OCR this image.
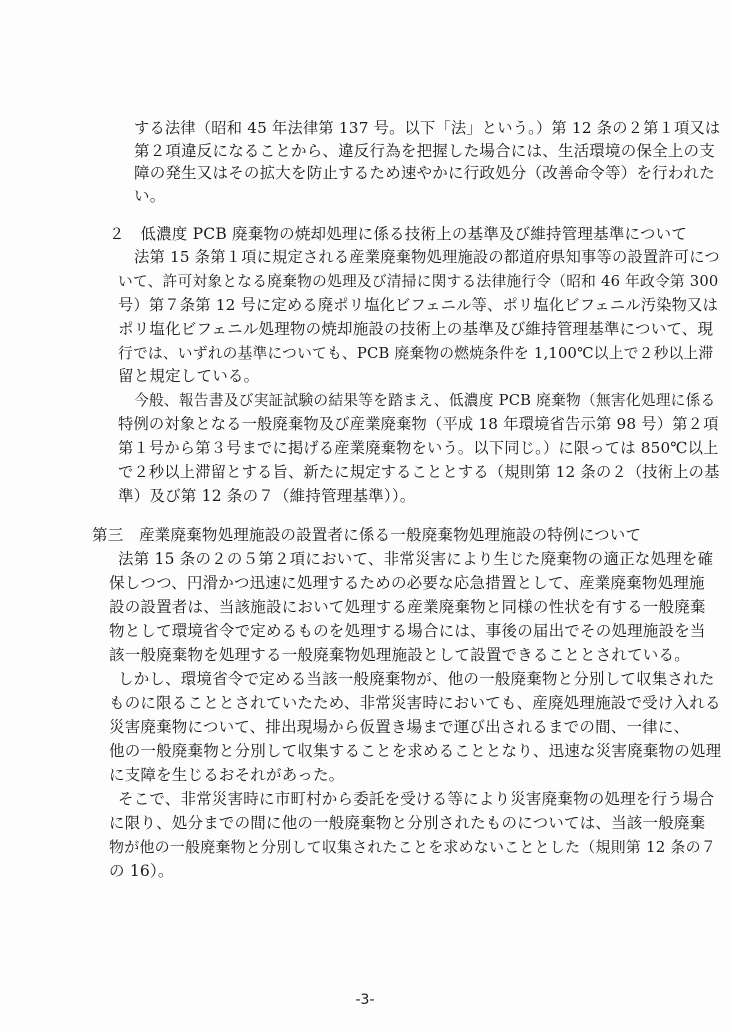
する法律（昭和 45 年法律第 137 号。以下「法」という。）第 12 条の２第１項又は
第２項違反になることから、違反行為を把握した場合には、生活環境の保全上の支
障の発生又はその拡大を防止するため速やかに行政処分（改善命令等）を行われた
い。
２　低濃度 PCB 廃棄物の焼却処理に係る技術上の基準及び維持管理基準について
法第 15 条第１項に規定される産業廃棄物処理施設の都道府県知事等の設置許可につ
いて、許可対象となる廃棄物の処理及び清掃に関する法律施行令（昭和 46 年政令第 300
号）第７条第 12 号に定める廃ポリ塩化ビフェニル等、ポリ塩化ビフェニル汚染物又は
ポリ塩化ビフェニル処理物の焼却施設の技術上の基準及び維持管理基準について、現
行では、いずれの基準についても、PCB 廃棄物の燃焼条件を 1,100℃以上で２秒以上滞
留と規定している。
今般、報告書及び実証試験の結果等を踏まえ、低濃度 PCB 廃棄物（無害化処理に係る
特例の対象となる一般廃棄物及び産業廃棄物（平成 18 年環境省告示第 98 号）第２項
第１号から第３号までに掲げる産業廃棄物をいう。以下同じ。）に限っては 850℃以上
で２秒以上滞留とする旨、新たに規定することとする（規則第 12 条の２（技術上の基
準）及び第 12 条の７（維持管理基準））。
第三　産業廃棄物処理施設の設置者に係る一般廃棄物処理施設の特例について
法第 15 条の２の５第２項において、非常災害により生じた廃棄物の適正な処理を確
保しつつ、円滑かつ迅速に処理するための必要な応急措置として、産業廃棄物処理施
設の設置者は、当該施設において処理する産業廃棄物と同様の性状を有する一般廃棄
物として環境省令で定めるものを処理する場合には、事後の届出でその処理施設を当
該一般廃棄物を処理する一般廃棄物処理施設として設置できることとされている。
しかし、環境省令で定める当該一般廃棄物が、他の一般廃棄物と分別して収集された
ものに限ることとされていたため、非常災害時においても、産廃処理施設で受け入れる
災害廃棄物について、排出現場から仮置き場まで運び出されるまでの間、一律に、
他の一般廃棄物と分別して収集することを求めることとなり、迅速な災害廃棄物の処理
に支障を生じるおそれがあった。
そこで、非常災害時に市町村から委託を受ける等により災害廃棄物の処理を行う場合
に限り、処分までの間に他の一般廃棄物と分別されたものについては、当該一般廃棄
物が他の一般廃棄物と分別して収集されたことを求めないこととした（規則第 12 条の７
の 16）。
-3-
